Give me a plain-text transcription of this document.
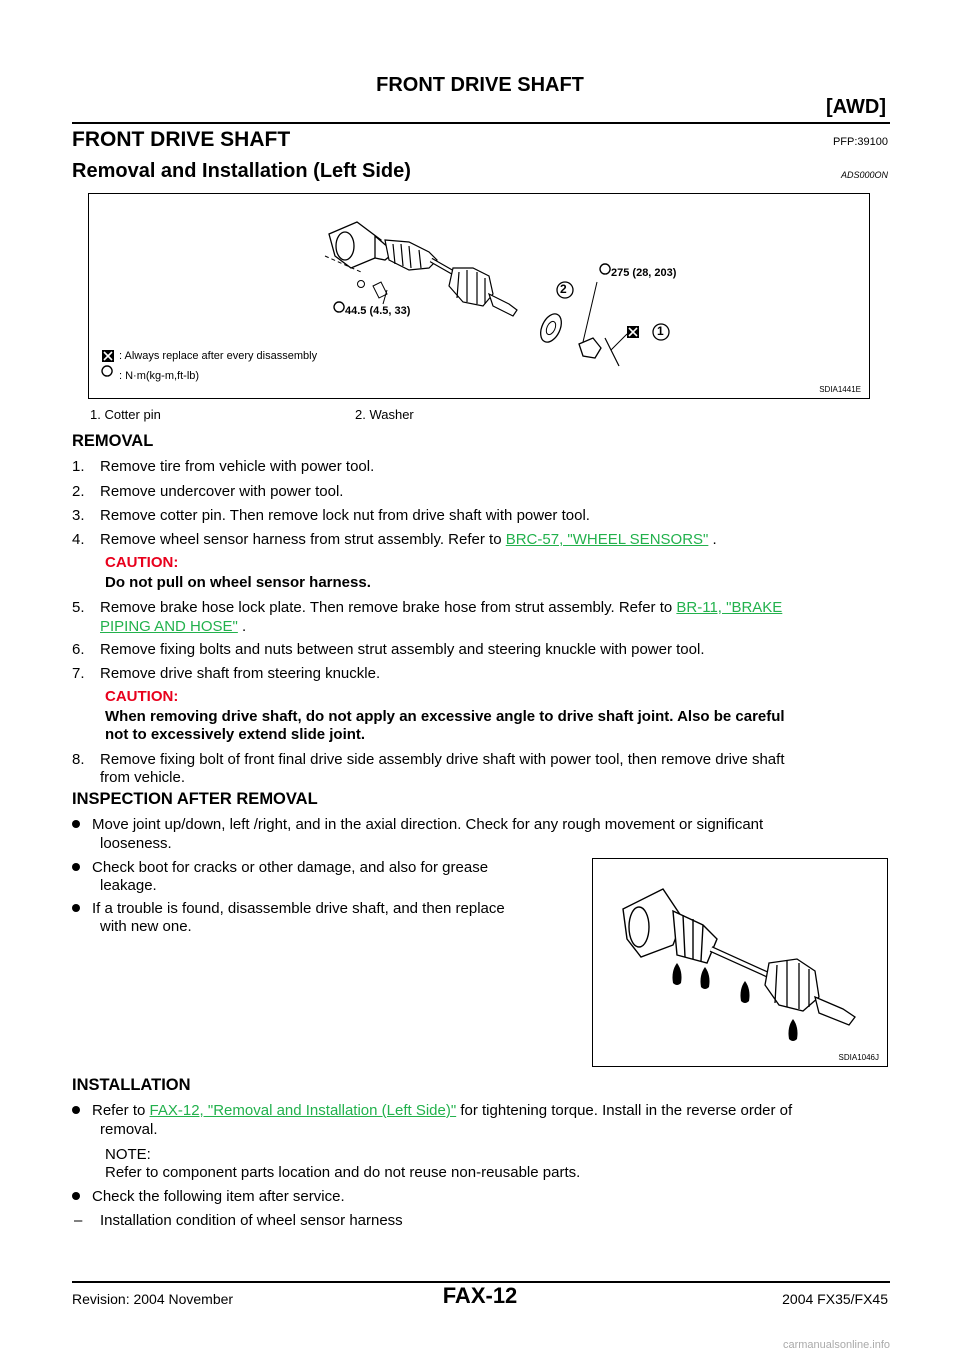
FRONT DRIVE SHAFT
[AWD]
FRONT DRIVE SHAFT	PFP:39100
Removal and Installation (Left Side)	ADS000ON
44.5 (4.5, 33)
275 (28, 203)
2
1
: Always replace after every disassembly
: N·m(kg-m,ft-lb)
SDIA1441E
1. Cotter pin	2. Washer
REMOVAL
1. Remove tire from vehicle with power tool.
2. Remove undercover with power tool.
3. Remove cotter pin. Then remove lock nut from drive shaft with power tool.
4. Remove wheel sensor harness from strut assembly. Refer to BRC-57, "WHEEL SENSORS" .
CAUTION:
Do not pull on wheel sensor harness.
5. Remove brake hose lock plate. Then remove brake hose from strut assembly. Refer to BR-11, "BRAKE
PIPING AND HOSE" .
6. Remove fixing bolts and nuts between strut assembly and steering knuckle with power tool.
7. Remove drive shaft from steering knuckle.
CAUTION:
When removing drive shaft, do not apply an excessive angle to drive shaft joint. Also be careful
not to excessively extend slide joint.
8. Remove fixing bolt of front final drive side assembly drive shaft with power tool, then remove drive shaft
from vehicle.
INSPECTION AFTER REMOVAL
Move joint up/down, left /right, and in the axial direction. Check for any rough movement or significant
looseness.
Check boot for cracks or other damage, and also for grease
leakage.
If a trouble is found, disassemble drive shaft, and then replace
with new one.
SDIA1046J
INSTALLATION
Refer to FAX-12, "Removal and Installation (Left Side)" for tightening torque. Install in the reverse order of
removal.
NOTE:
Refer to component parts location and do not reuse non-reusable parts.
Check the following item after service.
– Installation condition of wheel sensor harness
FAX-12
Revision: 2004 November	2004 FX35/FX45
carmanualsonline.info
